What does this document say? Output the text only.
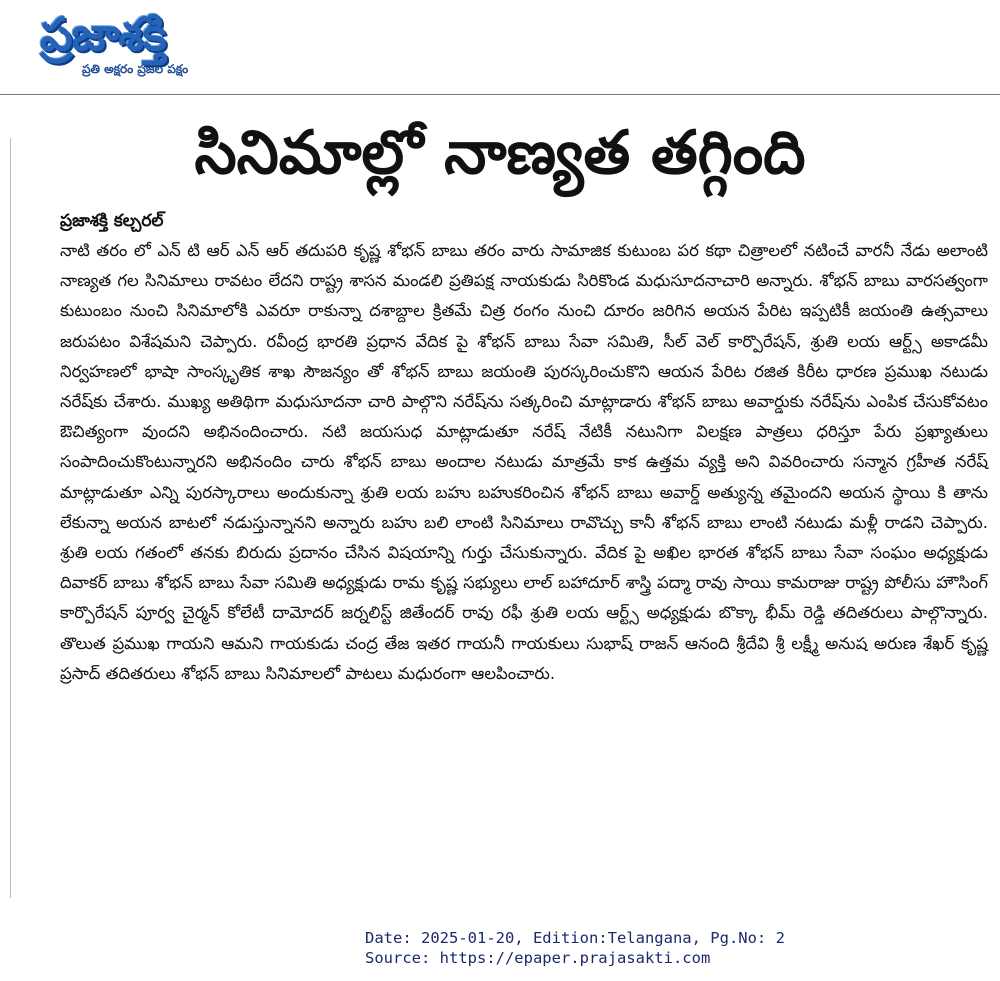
ప్రజాశక్తి
ప్రతి అక్షరం ప్రజల పక్షం
సినిమాల్లో నాణ్యత తగ్గింది
ప్రజాశక్తి కల్చరల్

నాటి తరం లో ఎన్ టి ఆర్ ఎన్ ఆర్ తదుపరి కృష్ణ శోభన్ బాబు తరం వారు సామాజిక కుటుంబ పర కథా చిత్రాలలో నటించే వారనీ నేడు అలాంటి నాణ్యత గల సినిమాలు రావటం లేదని రాష్ట్ర శాసన మండలి ప్రతిపక్ష నాయకుడు సిరికొండ మధుసూదనాచారి అన్నారు. శోభన్ బాబు వారసత్వంగా కుటుంబం నుంచి సినిమాలోకి ఎవరూ రాకున్నా దశాబ్దాల క్రితమే చిత్ర రంగం నుంచి దూరం జరిగిన అయన పేరిట ఇప్పటికీ జయంతి ఉత్సవాలు జరుపటం విశేషమని చెప్పారు. రవీంద్ర భారతి ప్రధాన వేదిక పై శోభన్ బాబు సేవా సమితి, సీల్ వెల్ కార్పొరేషన్, శ్రుతి లయ ఆర్ట్స్ అకాడమీ నిర్వహణలో భాషా సాంస్కృతిక శాఖ సౌజన్యం తో శోభన్ బాబు జయంతి పురస్కరించుకొని ఆయన పేరిట రజిత కిరీట ధారణ ప్రముఖ నటుడు నరేష్‌కు చేశారు. ముఖ్య అతిథిగా మధుసూదనా చారి పాల్గొని నరేష్‌ను సత్కరించి మాట్లాడారు శోభన్ బాబు అవార్డుకు నరేష్‌ను ఎంపిక చేసుకోవటం ఔచిత్యంగా వుందని అభినందించారు. నటి జయసుధ మాట్లాడుతూ నరేష్ నేటికీ నటునిగా విలక్షణ పాత్రలు ధరిస్తూ పేరు ప్రఖ్యాతులు సంపాదించుకొంటున్నారని అభినందిం చారు శోభన్ బాబు అందాల నటుడు మాత్రమే కాక ఉత్తమ వ్యక్తి అని వివరించారు సన్మాన గ్రహీత నరేష్ మాట్లాడుతూ ఎన్ని పురస్కారాలు అందుకున్నా శ్రుతి లయ బహు బహుకరించిన శోభన్ బాబు అవార్డ్ అత్యున్న తమైందని అయన స్థాయి కి తాను లేకున్నా అయన బాటలో నడుస్తున్నానని అన్నారు బహు బలి లాంటి సినిమాలు రావొచ్చు కానీ శోభన్ బాబు లాంటి నటుడు మళ్లీ రాడని చెప్పారు. శ్రుతి లయ గతంలో తనకు బిరుదు ప్రదానం చేసిన విషయాన్ని గుర్తు చేసుకున్నారు. వేదిక పై అఖిల భారత శోభన్ బాబు సేవా సంఘం అధ్యక్షుడు దివాకర్ బాబు శోభన్ బాబు సేవా సమితి అధ్యక్షుడు రామ కృష్ణ సభ్యులు లాల్ బహాదూర్ శాస్త్రి పద్మా రావు సాయి కామరాజు రాష్ట్ర పోలీసు హౌసింగ్ కార్పొరేషన్ పూర్వ చైర్మన్ కోలేటీ దామోదర్ జర్నలిస్ట్ జితేందర్ రావు రఫీ శ్రుతి లయ ఆర్ట్స్ అధ్యక్షుడు బొక్కా భీమ్ రెడ్డి తదితరులు పాల్గొన్నారు. తొలుత ప్రముఖ గాయని ఆమని గాయకుడు చంద్ర తేజ ఇతర గాయనీ గాయకులు సుభాష్ రాజన్ ఆనంది శ్రీదేవి శ్రీ లక్ష్మీ అనుష అరుణ శేఖర్ కృష్ణ ప్రసాద్ తదితరులు శోభన్ బాబు సినిమాలలో పాటలు మధురంగా ఆలపించారు.

Date: 2025-01-20, Edition:Telangana, Pg.No: 2
Source: https://epaper.prajasakti.com
